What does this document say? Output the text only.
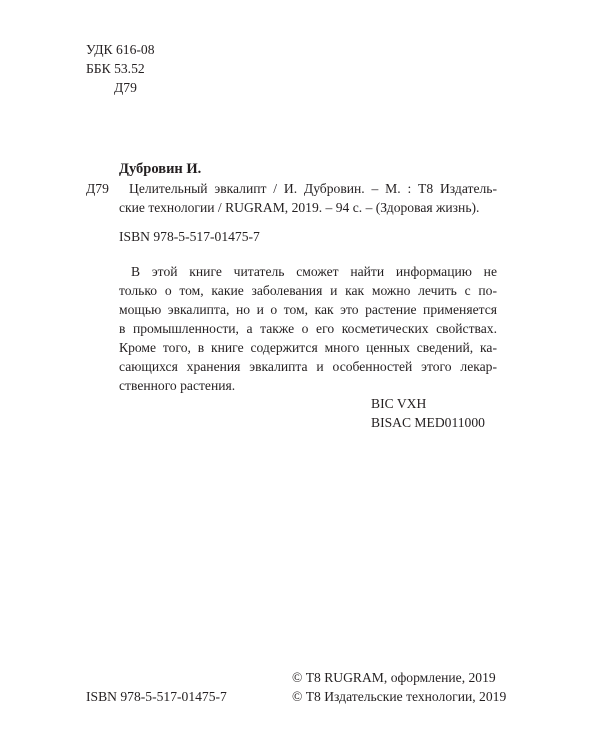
УДК 616-08
ББК 53.52
Д79
Дубровин И.
Д79 Целительный эвкалипт / И. Дубровин. – М. : Т8 Издатель-
ские технологии / RUGRAM, 2019. – 94 с. – (Здоровая жизнь).
ISBN 978-5-517-01475-7
В этой книге читатель сможет найти информацию не
только о том, какие заболевания и как можно лечить с по-
мощью эвкалипта, но и о том, как это растение применяется
в промышленности, а также о его косметических свойствах.
Кроме того, в книге содержится много ценных сведений, ка-
сающихся хранения эвкалипта и особенностей этого лекар-
ственного растения.
BIC VXH
BISAC MED011000
ISBN 978-5-517-01475-7
© Т8 RUGRAM, оформление, 2019
© Т8 Издательские технологии, 2019
